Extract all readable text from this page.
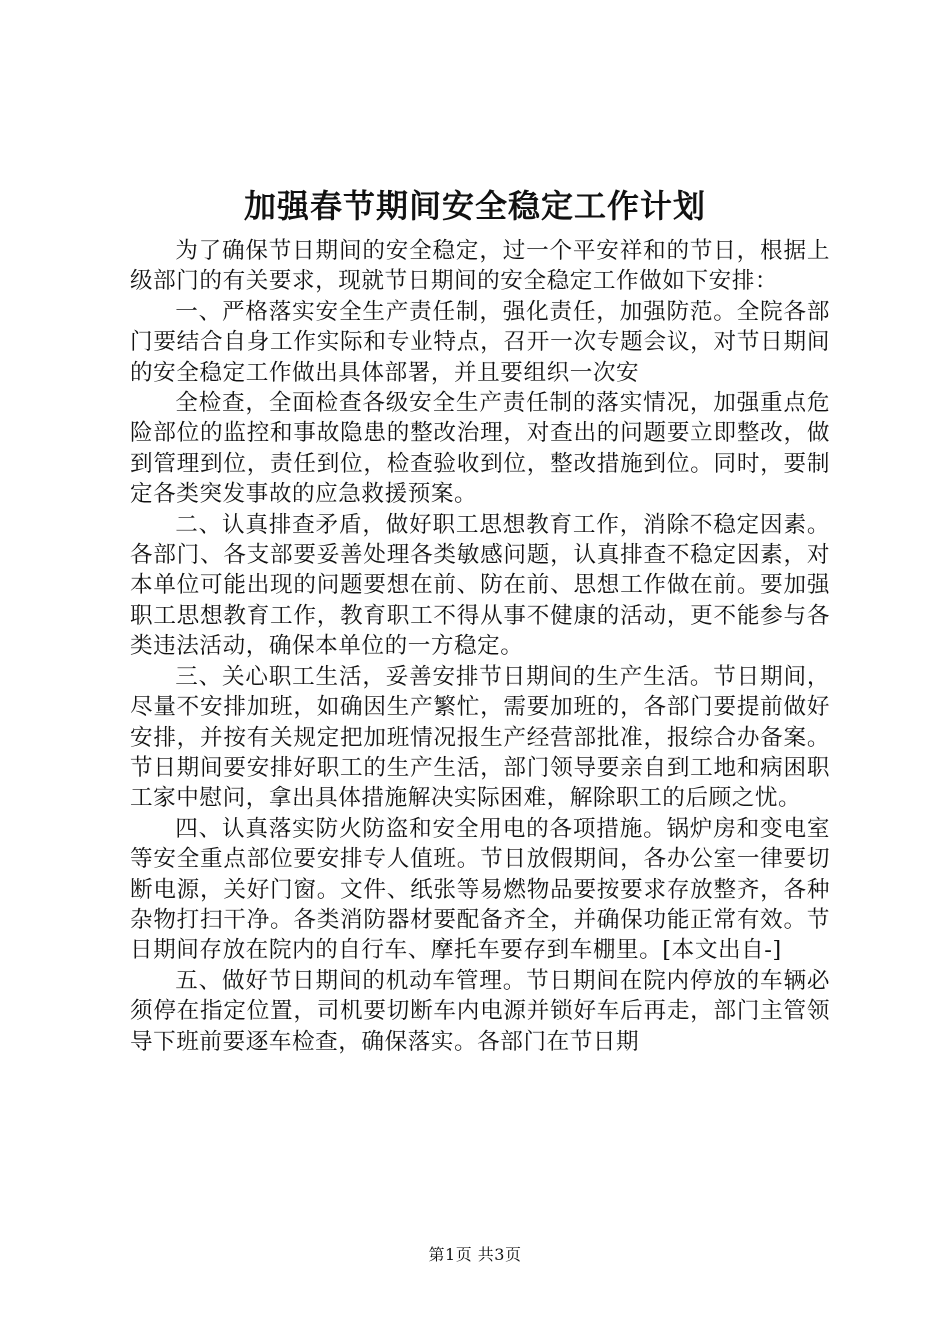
加强春节期间安全稳定工作计划

为了确保节日期间的安全稳定，过一个平安祥和的节日，根据上级部门的有关要求，现就节日期间的安全稳定工作做如下安排：

一、严格落实安全生产责任制，强化责任，加强防范。全院各部门要结合自身工作实际和专业特点，召开一次专题会议，对节日期间的安全稳定工作做出具体部署，并且要组织一次安

全检查，全面检查各级安全生产责任制的落实情况，加强重点危险部位的监控和事故隐患的整改治理，对查出的问题要立即整改，做到管理到位，责任到位，检查验收到位，整改措施到位。同时，要制定各类突发事故的应急救援预案。

二、认真排查矛盾，做好职工思想教育工作，消除不稳定因素。各部门、各支部要妥善处理各类敏感问题，认真排查不稳定因素，对本单位可能出现的问题要想在前、防在前、思想工作做在前。要加强职工思想教育工作，教育职工不得从事不健康的活动，更不能参与各类违法活动，确保本单位的一方稳定。

三、关心职工生活，妥善安排节日期间的生产生活。节日期间，尽量不安排加班，如确因生产繁忙，需要加班的，各部门要提前做好安排，并按有关规定把加班情况报生产经营部批准，报综合办备案。节日期间要安排好职工的生产生活，部门领导要亲自到工地和病困职工家中慰问，拿出具体措施解决实际困难，解除职工的后顾之忧。

四、认真落实防火防盗和安全用电的各项措施。锅炉房和变电室等安全重点部位要安排专人值班。节日放假期间，各办公室一律要切断电源，关好门窗。文件、纸张等易燃物品要按要求存放整齐，各种杂物打扫干净。各类消防器材要配备齐全，并确保功能正常有效。节日期间存放在院内的自行车、摩托车要存到车棚里。[本文出自-]

五、做好节日期间的机动车管理。节日期间在院内停放的车辆必须停在指定位置，司机要切断车内电源并锁好车后再走，部门主管领导下班前要逐车检查，确保落实。各部门在节日期

第1页 共3页
